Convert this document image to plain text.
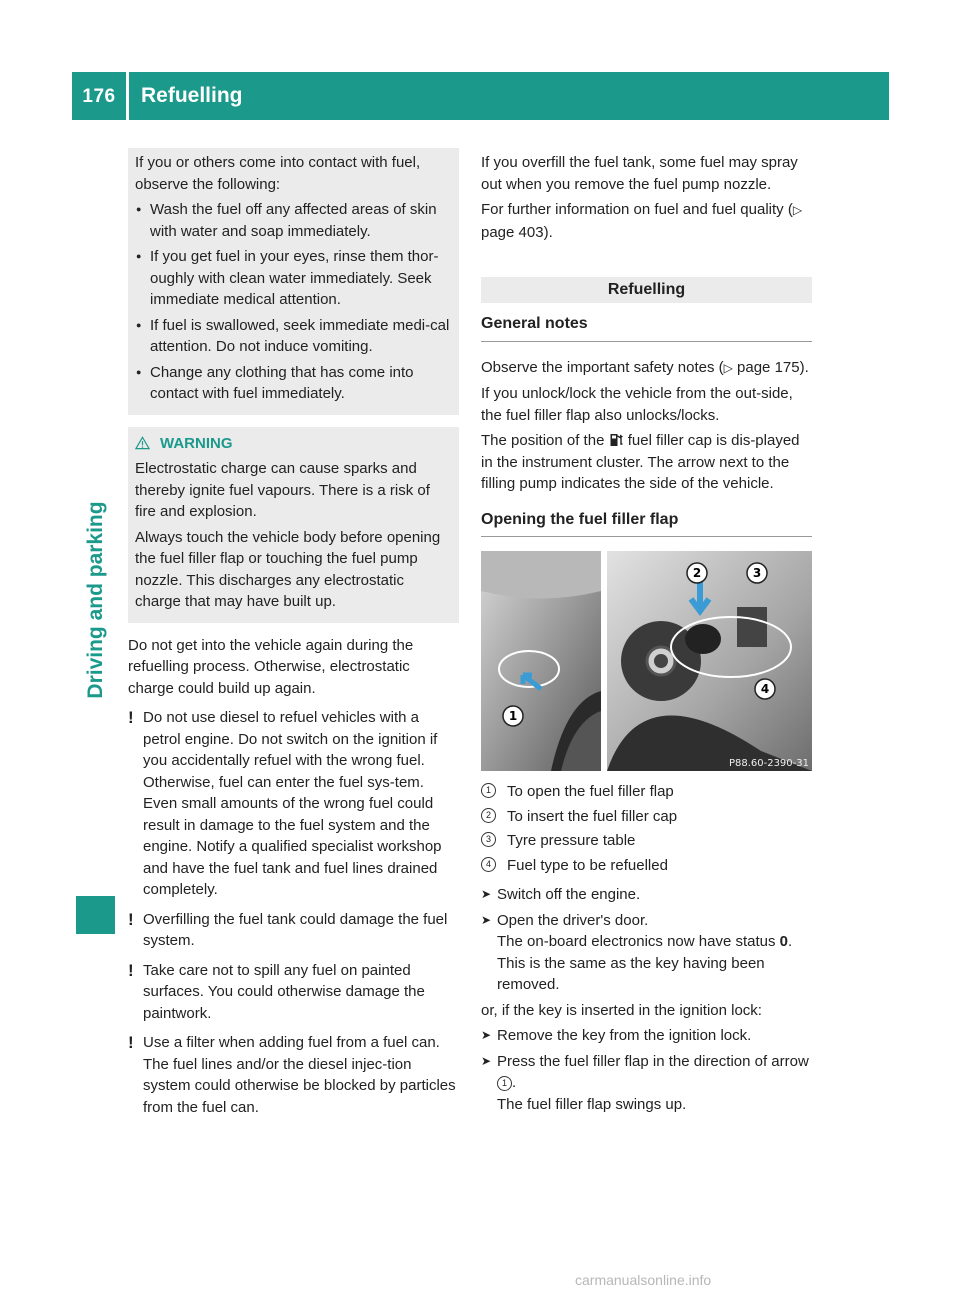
176	Refuelling
Driving and parking

If you or others come into contact with fuel, observe the following:

● Wash the fuel off any affected areas of skin with water and soap immediately.
● If you get fuel in your eyes, rinse them thor-oughly with clean water immediately. Seek immediate medical attention.
● If fuel is swallowed, seek immediate medi-cal attention. Do not induce vomiting.
● Change any clothing that has come into contact with fuel immediately.
WARNING

Electrostatic charge can cause sparks and thereby ignite fuel vapours. There is a risk of fire and explosion.

Always touch the vehicle body before opening the fuel filler flap or touching the fuel pump nozzle. This discharges any electrostatic charge that may have built up.

Do not get into the vehicle again during the refuelling process. Otherwise, electrostatic charge could build up again.

! Do not use diesel to refuel vehicles with a petrol engine. Do not switch on the ignition if you accidentally refuel with the wrong fuel. Otherwise, fuel can enter the fuel sys-tem. Even small amounts of the wrong fuel could result in damage to the fuel system and the engine. Notify a qualified specialist workshop and have the fuel tank and fuel lines drained completely.
! Overfilling the fuel tank could damage the fuel system.
! Take care not to spill any fuel on painted surfaces. You could otherwise damage the paintwork.
! Use a filter when adding fuel from a fuel can. The fuel lines and/or the diesel injec-tion system could otherwise be blocked by particles from the fuel can.

If you overfill the fuel tank, some fuel may spray out when you remove the fuel pump nozzle.

For further information on fuel and fuel quality (▷ page 403).

Refuelling
General notes

Observe the important safety notes (▷ page 175).

If you unlock/lock the vehicle from the out-side, the fuel filler flap also unlocks/locks.

The position of the fuel filler cap is dis-played in the instrument cluster. The arrow next to the filling pump indicates the side of the vehicle.

Opening the fuel filler flap
1
2	3
4
P88.60-2390-31
1	To open the fuel filler flap
2	To insert the fuel filler cap
3	Tyre pressure table
4	Fuel type to be refuelled
➤ Switch off the engine.
➤ Open the driver's door.
The on-board electronics now have status 0. This is the same as the key having been removed.

or, if the key is inserted in the ignition lock:

➤ Remove the key from the ignition lock.
➤ Press the fuel filler flap in the direction of arrow 1 .
The fuel filler flap swings up.
carmanualsonline.info
